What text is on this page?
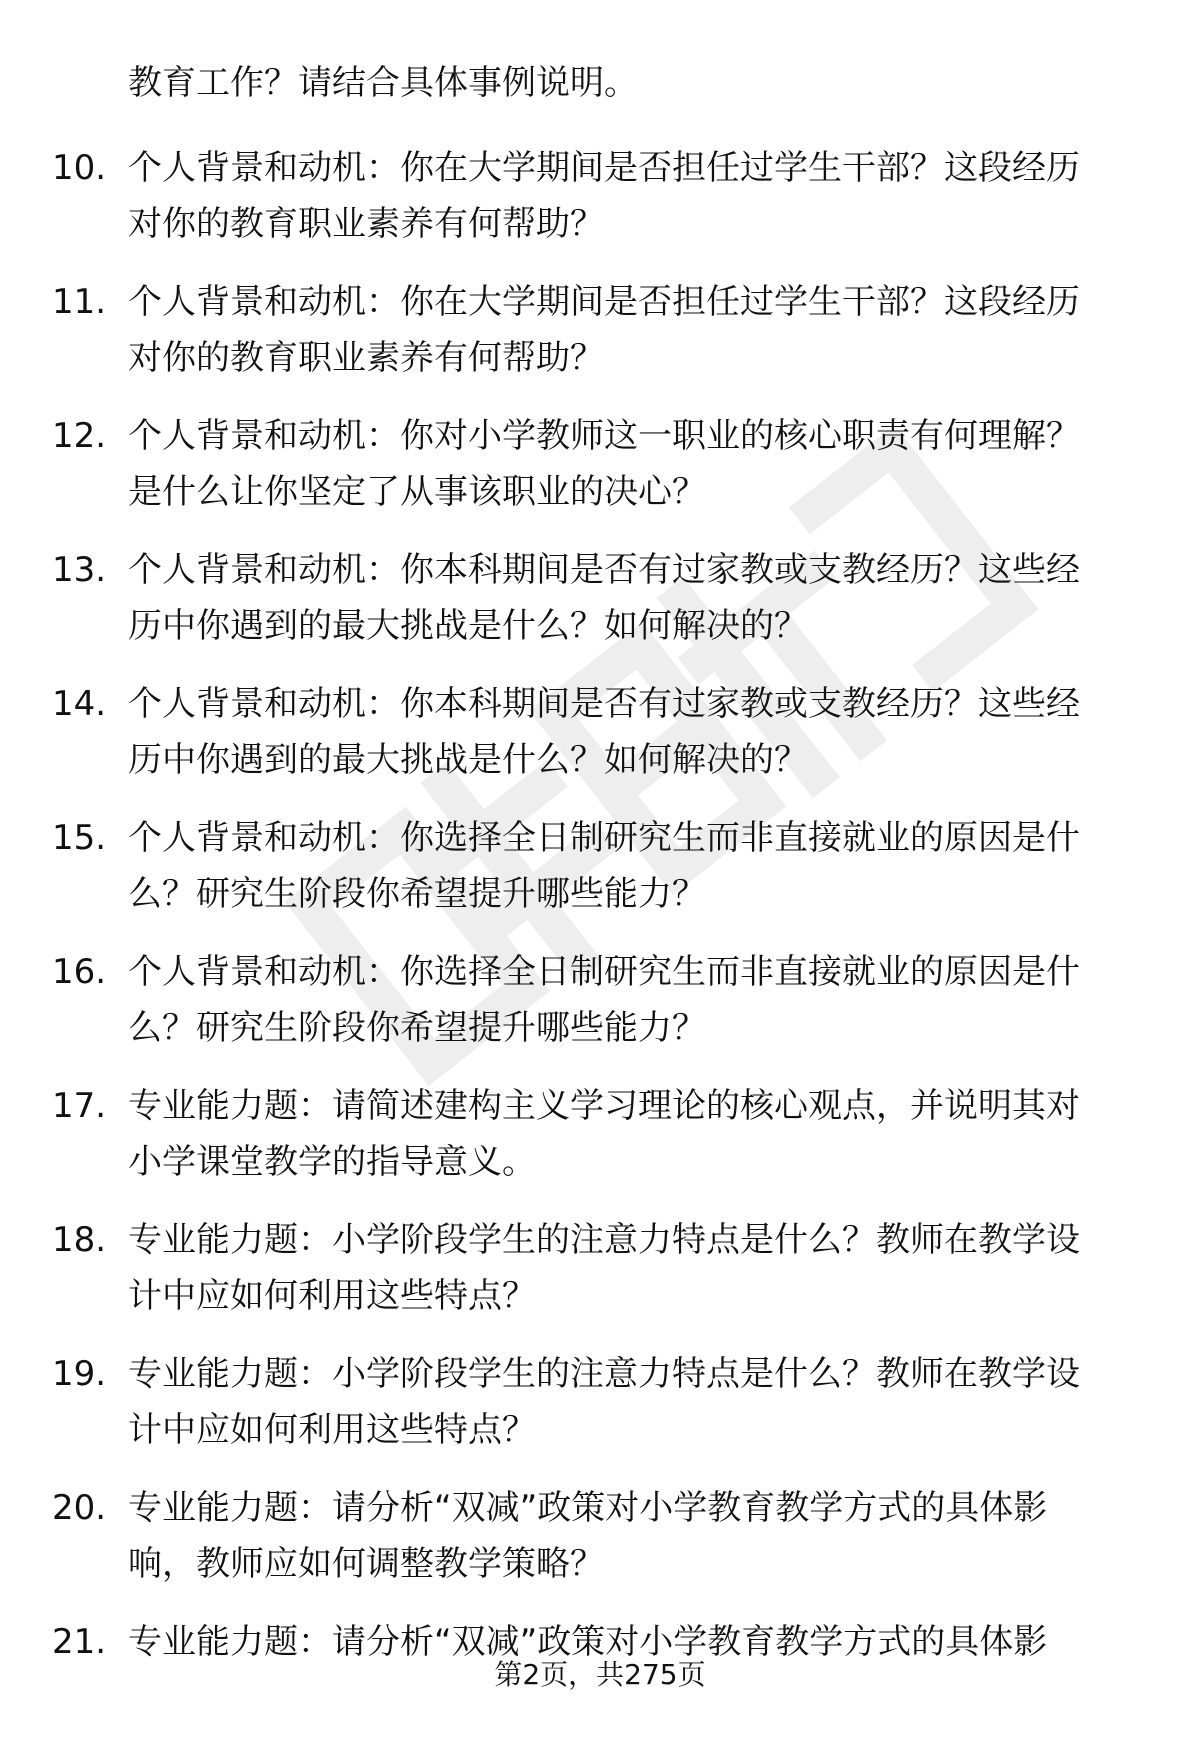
教育工作？请结合具体事例说明。
10. 个人背景和动机：你在大学期间是否担任过学生干部？这段经历
对你的教育职业素养有何帮助？
11. 个人背景和动机：你在大学期间是否担任过学生干部？这段经历
对你的教育职业素养有何帮助？
12. 个人背景和动机：你对小学教师这一职业的核心职责有何理解？
是什么让你坚定了从事该职业的决心？
13. 个人背景和动机：你本科期间是否有过家教或支教经历？这些经
历中你遇到的最大挑战是什么？如何解决的？
14. 个人背景和动机：你本科期间是否有过家教或支教经历？这些经
历中你遇到的最大挑战是什么？如何解决的？
15. 个人背景和动机：你选择全日制研究生而非直接就业的原因是什
么？研究生阶段你希望提升哪些能力？
16. 个人背景和动机：你选择全日制研究生而非直接就业的原因是什
么？研究生阶段你希望提升哪些能力？
17. 专业能力题：请简述建构主义学习理论的核心观点，并说明其对
小学课堂教学的指导意义。
18. 专业能力题：小学阶段学生的注意力特点是什么？教师在教学设
计中应如何利用这些特点？
19. 专业能力题：小学阶段学生的注意力特点是什么？教师在教学设
计中应如何利用这些特点？
20. 专业能力题：请分析“双减”政策对小学教育教学方式的具体影
响，教师应如何调整教学策略？
21. 专业能力题：请分析“双减”政策对小学教育教学方式的具体影
第2页，共275页
